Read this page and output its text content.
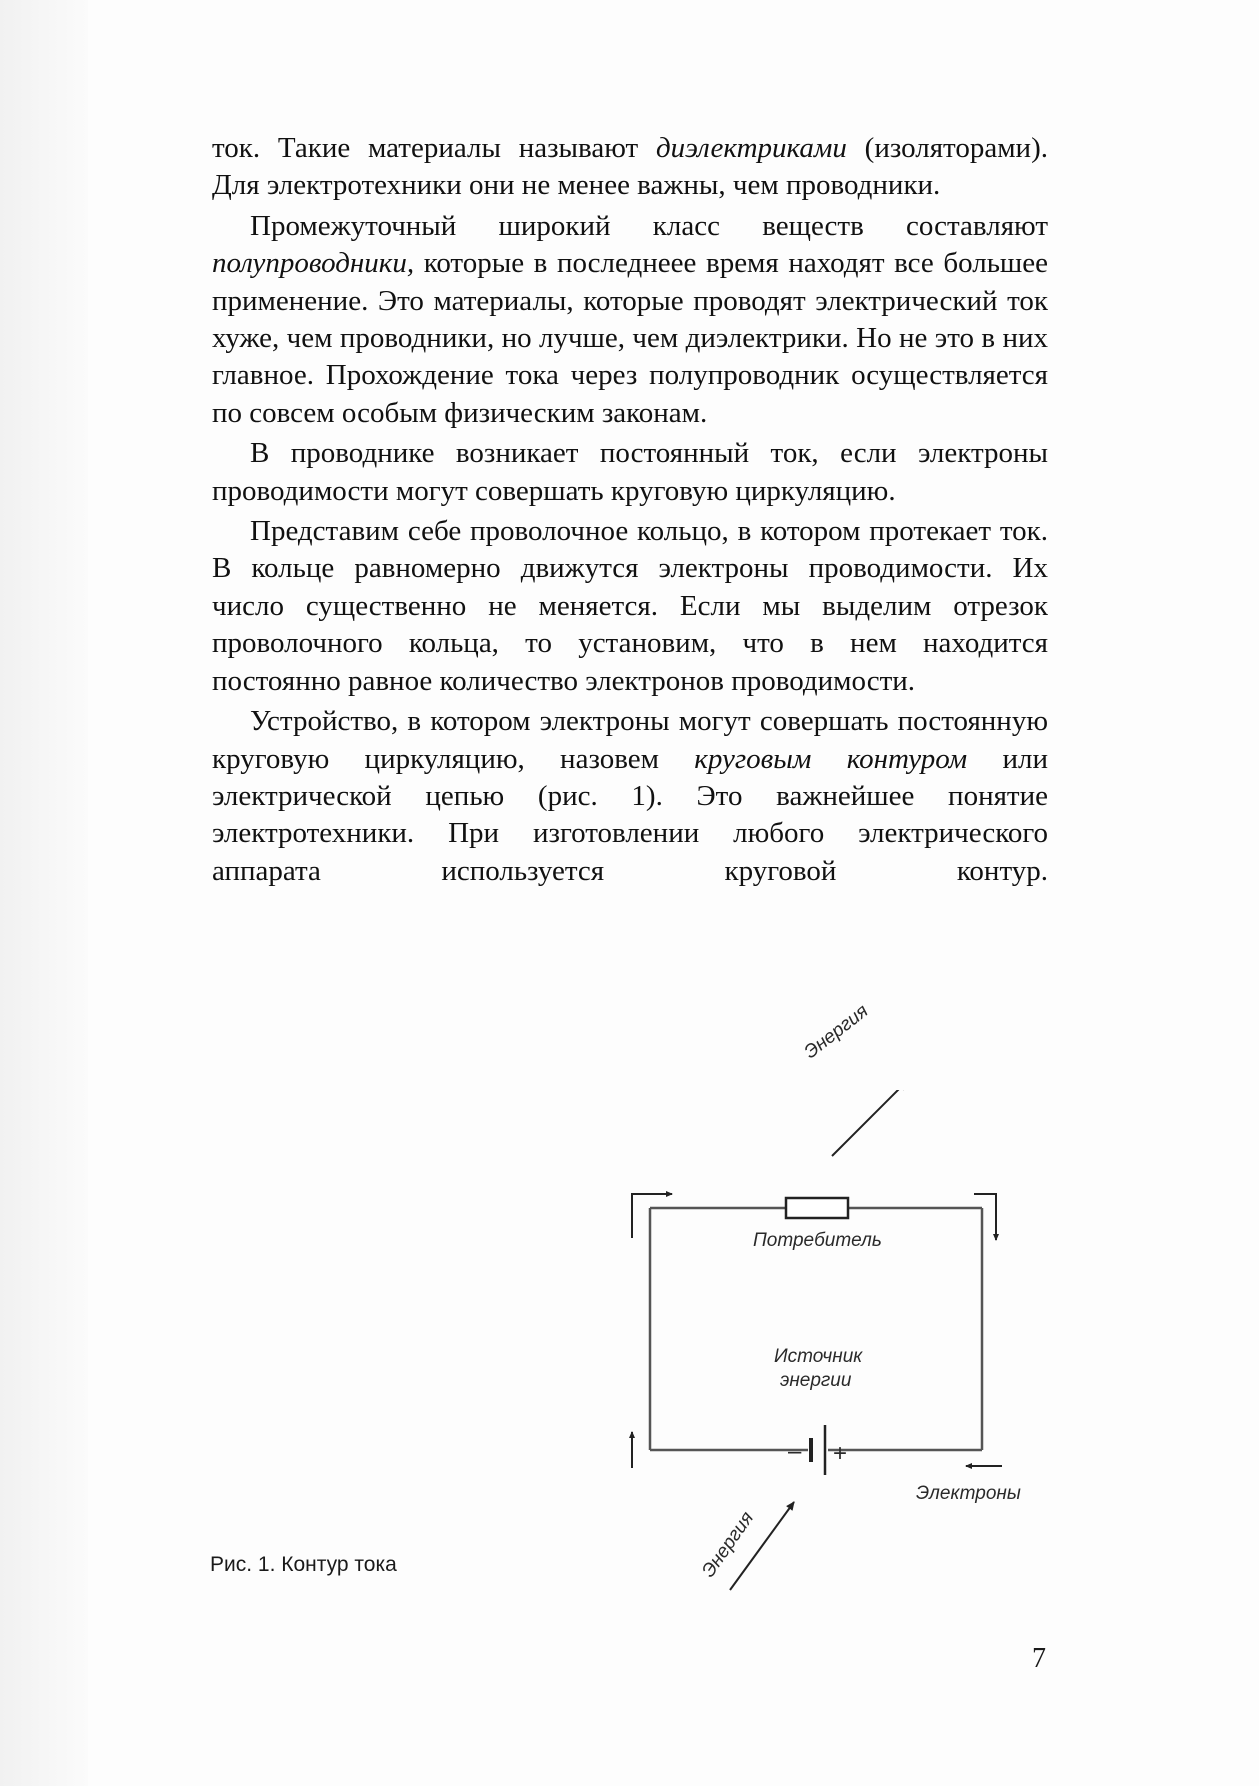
ток. Такие материалы называют диэлектриками (изоляторами). Для электротехники они не менее важны, чем проводники.

Промежуточный широкий класс веществ составляют полупроводники, которые в последнеее время находят все большее применение. Это материалы, которые проводят электрический ток хуже, чем проводники, но лучше, чем диэлектрики. Но не это в них главное. Прохождение тока через полупроводник осуществляется по совсем особым физическим законам.

В проводнике возникает постоянный ток, если электроны проводимости могут совершать круговую циркуляцию.

Представим себе проволочное кольцо, в котором протекает ток. В кольце равномерно движутся электроны проводимости. Их число существенно не меняется. Если мы выделим отрезок проволочного кольца, то установим, что в нем находится постоянно равное количество электронов проводимости.

Устройство, в котором электроны могут совершать постоянную круговую циркуляцию, назовем круговым контуром или электрической цепью (рис. 1). Это важнейшее понятие электротехники. При изготовлении любого электрического аппарата используется круговой контур.

Энергия
Потребитель
Источник
энергии
– +
Электроны
Энергия
Рис. 1. Контур тока
7
